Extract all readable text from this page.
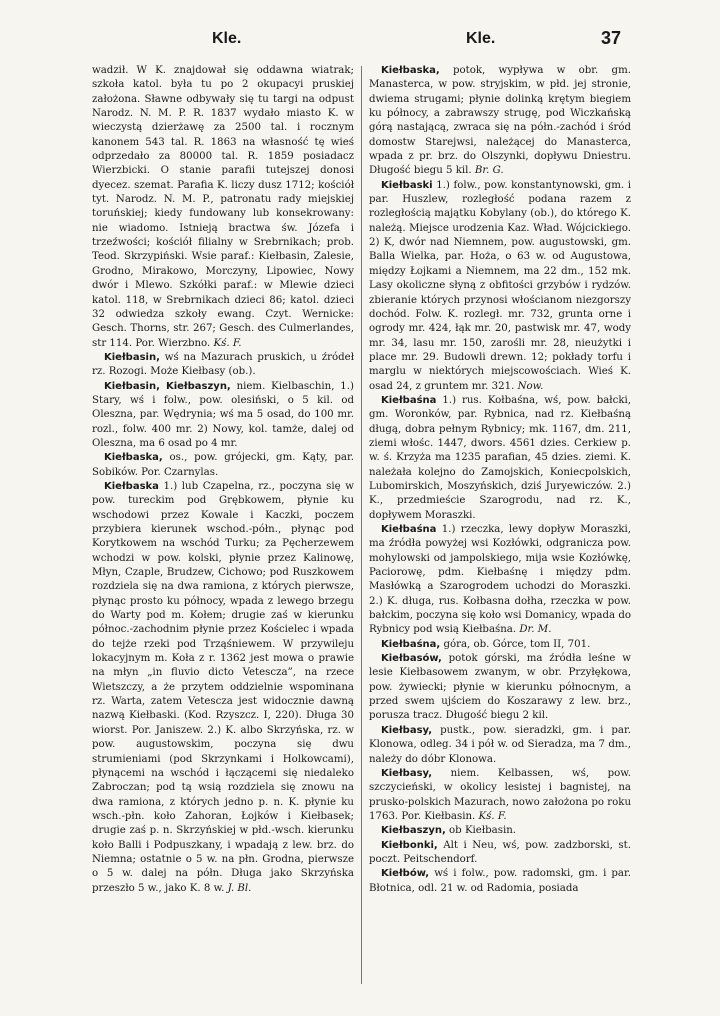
Kle.	Kle.	37

wadził. W K. znajdował się oddawna wiatrak; szkoła katol. była tu po 2 okupacyi pruskiej założona. Sławne odbywały się tu targi na odpust Narodz. N. M. P. R. 1837 wydało miasto K. w wieczystą dzierżawę za 2500 tal. i rocznym kanonem 543 tal. R. 1863 na własność tę wieś odprzedało za 80000 tal. R. 1859 posiadacz Wierzbicki. O stanie parafii tutejszej donosi dyecez. szemat. Parafia K. liczy dusz 1712; kościół tyt. Narodz. N. M. P., patronatu rady miejskiej toruńskiej; kiedy fundowany lub konsekrowany: nie wiadomo. Istnieją bractwa św. Józefa i trzeźwości; kościół filialny w Srebrnikach; prob. Teod. Skrzypiński. Wsie paraf.: Kiełbasin, Zalesie, Grodno, Mirakowo, Morczyny, Lipowiec, Nowy dwór i Mlewo. Szkółki paraf.: w Mlewie dzieci katol. 118, w Srebrnikach dzieci 86; katol. dzieci 32 odwiedza szkoły ewang. Czyt. Wernicke: Gesch. Thorns, str. 267; Gesch. des Culmerlandes, str 114. Por. Wierzbno. Kś. F.

Kiełbasin, wś na Mazurach pruskich, u źródeł rz. Rozogi. Może Kiełbasy (ob.).

Kiełbasin, Kiełbaszyn, niem. Kielbaschin, 1.) Stary, wś i folw., pow. olesiński, o 5 kil. od Oleszna, par. Wędrynia; wś ma 5 osad, do 100 mr. rozl., folw. 400 mr. 2) Nowy, kol. tamże, dalej od Olesznа, ma 6 osad po 4 mr.

Kiełbaska, os., pow. grójecki, gm. Kąty, par. Sobików. Por. Czarnylas.

Kiełbaska 1.) lub Czapelna, rz., poczyna się w pow. tureckim pod Grębkowem, płynie ku wschodowi przez Kowale i Kaczki, poczem przybiera kierunek wschod.-półn., płynąc pod Korytkowem na wschód Turku; za Pęcherzewem wchodzi w pow. kolski, płynie przez Kalinowę, Młyn, Czaple, Brudzew, Cichowo; pod Ruszkowem rozdziela się na dwa ramiona, z których pierwsze, płynąc prosto ku północy, wpada z lewego brzegu do Warty pod m. Kołem; drugie zaś w kierunku północ.-zachodnim płynie przez Kościelec i wpada do tejże rzeki pod Trząśniewem. W przywileju lokacyjnym m. Koła z r. 1362 jest mowa o prawie na młyn „in fluvio dicto Vetescza”, na rzece Wietszczy, a że przytem oddzielnie wspominana rz. Warta, zatem Vetescza jest widocznie dawną nazwą Kiełbaski. (Kod. Rzyszcz. I, 220). Długa 30 wiorst. Por. Janiszew. 2.) K. albo Skrzyńska, rz. w pow. augustowskim, poczyna się dwu strumieniami (pod Skrzynkami i Holkowcami), płynącemi na wschód i łączącemi się niedaleko Zabroczan; pod tą wsią rozdziela się znowu na dwa ramiona, z których jedno p. n. K. płynie ku wsch.-płn. koło Zahoran, Łojków i Kiełbasek; drugie zaś p. n. Skrzyńskiej w płd.-wsch. kierunku koło Balli i Podpuszkany, i wpadają z lew. brz. do Niemna; ostatnie o 5 w. na płn. Grodna, pierwsze o 5 w. dalej na półn. Długa jako Skrzyńska przeszło 5 w., jako K. 8 w. J. Bl.

Kiełbaska, potok, wypływa w obr. gm. Manasterca, w pow. stryjskim, w płd. jej stronie, dwiema strugami; płynie dolinką krętym biegiem ku północy, a zabrawszy strugę, pod Wiczkańską górą nastającą, zwraca się na półn.-zachód i śród domostw Starejwsi, należącej do Manasterca, wpada z pr. brz. do Olszynki, dopływu Dniestru. Długość biegu 5 kil. Br. G.

Kiełbaski 1.) folw., pow. konstantynowski, gm. i par. Huszlew, rozległość podana razem z rozległością majątku Kobylany (ob.), do którego K. należą. Miejsce urodzenia Kaz. Wład. Wójcickiego. 2) K, dwór nad Niemnem, pow. augustowski, gm. Balla Wielka, par. Hoża, o 63 w. od Augustowa, między Łojkami a Niemnem, ma 22 dm., 152 mk. Lasy okoliczne słyną z obfitości grzybów i rydzów. zbieranie których przynosi włościanom niezgorszy dochód. Folw. K. rozległ. mr. 732, grunta orne i ogrody mr. 424, łąk mr. 20, pastwisk mr. 47, wody mr. 34, lasu mr. 150, zarośli mr. 28, nieużytki i place mr. 29. Budowli drewn. 12; pokłady torfu i marglu w niektórych miejscowościach. Wieś K. osad 24, z gruntem mr. 321. Now.

Kiełbaśna 1.) rus. Kołbaśna, wś, pow. bałcki, gm. Woronków, par. Rybnica, nad rz. Kiełbaśną długą, dobra pełnym Rybnicy; mk. 1167, dm. 211, ziemi włośc. 1447, dwors. 4561 dzies. Cerkiew p. w. ś. Krzyża ma 1235 parafian, 45 dzies. ziemi. K. należała kolejno do Zamojskich, Koniecpolskich, Lubomirskich, Moszyńskich, dziś Juryewiczów. 2.) K., przedmieście Szarogrodu, nad rz. K., dopływem Moraszki.

Kiełbaśna 1.) rzeczka, lewy dopływ Moraszki, ma źródła powyżej wsi Kozłówki, odgraniczа pow. mohylowski od jampolskiego, mija wsie Kozłówkę, Paciorowę, pdm. Kiełbaśnę i między pdm. Masłówką a Szarogrodem uchodzi do Moraszki. 2.) K. długa, rus. Kołbasna dołha, rzeczka w pow. bałckim, poczyna się koło wsi Domanicy, wpada do Rybnicy pod wsią Kiełbaśna. Dr. M.

Kiełbaśna, góra, ob. Górce, tom II, 701.

Kiełbasów, potok górski, ma źródła leśne w lesie Kiełbasowem zwanym, w obr. Przyłękowa, pow. żywiecki; płynie w kierunku północnym, a przed swem ujściem do Koszarawy z lew. brz., porusza tracz. Długość biegu 2 kil.

Kiełbasy, pustk., pow. sieradzki, gm. i par. Klonowa, odleg. 34 i pół w. od Sieradza, ma 7 dm., należy do dóbr Klonowa.

Kiełbasy, niem. Kelbassen, wś, pow. szczycieński, w okolicy lesistej i bagnistej, na prusko-polskich Mazurach, nowo założona po roku 1763. Por. Kiełbasin. Kś. F.

Kiełbaszyn, ob Kiełbasin.

Kiełbonki, Alt i Neu, wś, pow. zadzborski, st. poczt. Peitschendorf.

Kiełbów, wś i folw., pow. radomski, gm. i par. Błotnica, odl. 21 w. od Radomia, posiada
